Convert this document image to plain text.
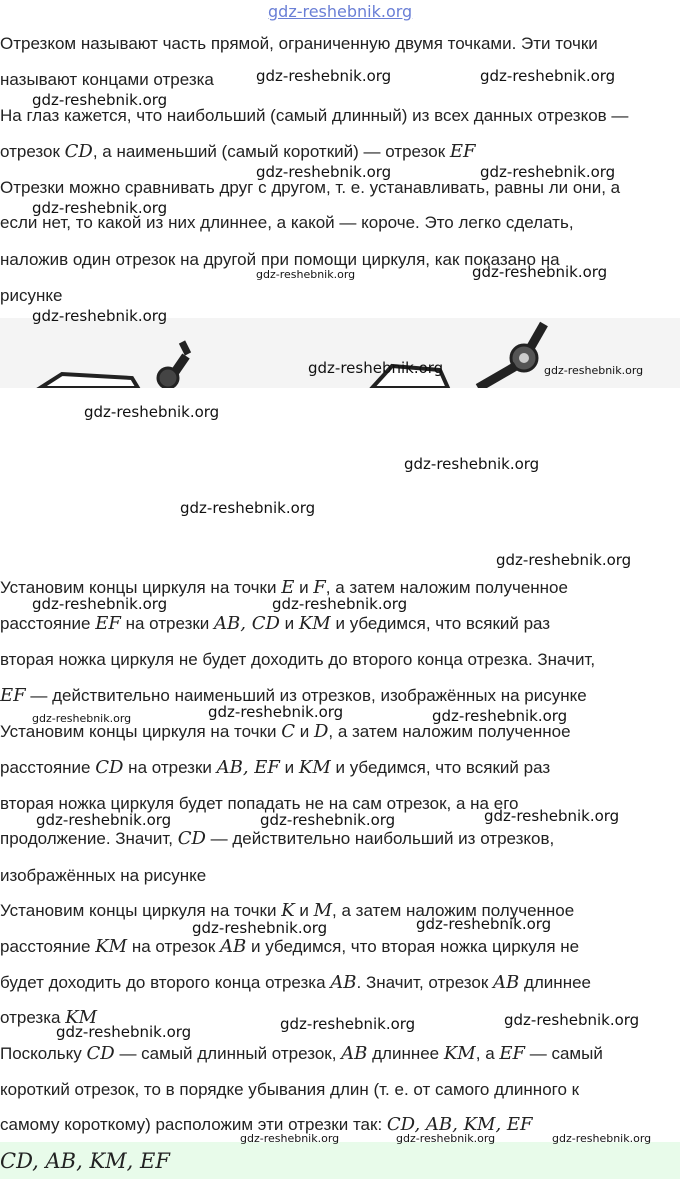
gdz-reshebnik.org
Отрезком называют часть прямой, ограниченную двумя точками. Эти точки
называют концами отрезка
На глаз кажется, что наибольший (самый длинный) из всех данных отрезков —
отрезок CD, а наименьший (самый короткий) — отрезок EF
Отрезки можно сравнивать друг с другом, т. е. устанавливать, равны ли они, а
если нет, то какой из них длиннее, а какой — короче. Это легко сделать,
наложив один отрезок на другой при помощи циркуля, как показано на
рисунке
Установим концы циркуля на точки E и F, а затем наложим полученное
расстояние EF на отрезки AB, CD и KM и убедимся, что всякий раз
вторая ножка циркуля не будет доходить до второго конца отрезка. Значит,
EF — действительно наименьший из отрезков, изображённых на рисунке
Установим концы циркуля на точки C и D, а затем наложим полученное
расстояние CD на отрезки AB, EF и KM и убедимся, что всякий раз
вторая ножка циркуля будет попадать не на сам отрезок, а на его
продолжение. Значит, CD — действительно наибольший из отрезков,
изображённых на рисунке
Установим концы циркуля на точки K и M, а затем наложим полученное
расстояние KM на отрезок AB и убедимся, что вторая ножка циркуля не
будет доходить до второго конца отрезка AB. Значит, отрезок AB длиннее
отрезка KM
Поскольку CD — самый длинный отрезок, AB длиннее KM, а EF — самый
короткий отрезок, то в порядке убывания длин (т. е. от самого длинного к
самому короткому) расположим эти отрезки так: CD, AB, KM, EF
CD, AB, KM, EF
gdz-reshebnik.org	gdz-reshebnik.org
gdz-reshebnik.org
gdz-reshebnik.org	gdz-reshebnik.org
gdz-reshebnik.org
gdz-reshebnik.org	gdz-reshebnik.org
gdz-reshebnik.org
gdz-reshebnik.org	gdz-reshebnik.org
gdz-reshebnik.org
gdz-reshebnik.org
gdz-reshebnik.org
gdz-reshebnik.org
gdz-reshebnik.org	gdz-reshebnik.org
gdz-reshebnik.org	gdz-reshebnik.org	gdz-reshebnik.org
gdz-reshebnik.org	gdz-reshebnik.org	gdz-reshebnik.org
gdz-reshebnik.org	gdz-reshebnik.org
gdz-reshebnik.org	gdz-reshebnik.org	gdz-reshebnik.org
gdz-reshebnik.org	gdz-reshebnik.org	gdz-reshebnik.org
